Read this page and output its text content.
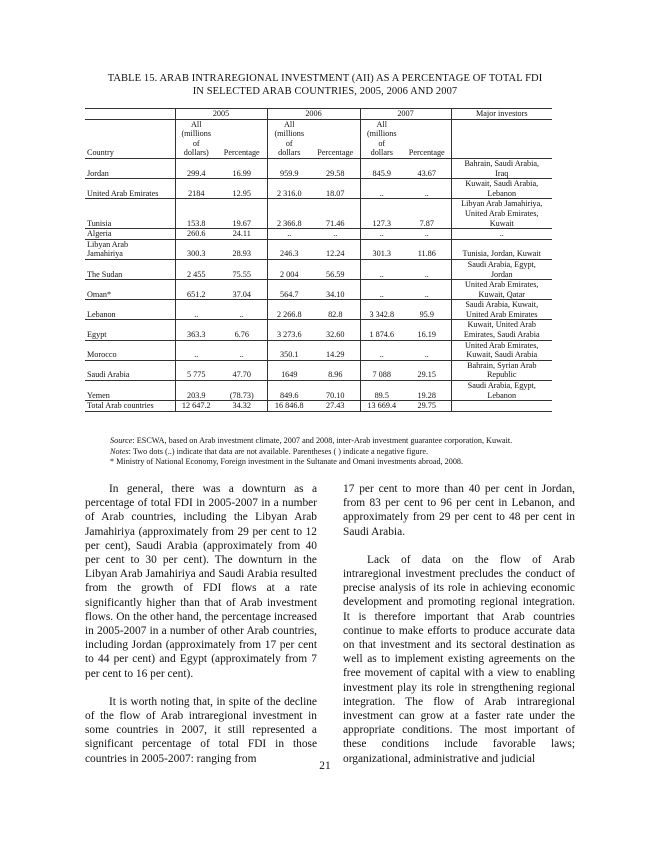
TABLE 15. ARAB INTRAREGIONAL INVESTMENT (AII) AS A PERCENTAGE OF TOTAL FDI
IN SELECTED ARAB COUNTRIES, 2005, 2006 AND 2007
	2005		2006		2007		Major investors
Country	All
(millions
of
dollars)	Percentage	All
(millions
of
dollars	Percentage	All
(millions
of
dollars	Percentage	
Jordan	299.4	16.99	959.9	29.58	845.9	43.67	Bahrain, Saudi Arabia,
Iraq
United Arab Emirates	2184	12.95	2 316.0	18.07	..	..	Kuwait, Saudi Arabia,
Lebanon
Tunisia	153.8	19.67	2 366.8	71.46	127.3	7.87	Libyan Arab Jamahiriya,
United Arab Emirates,
Kuwait
Algeria	260.6	24.11	..	..	..	..	..
Libyan Arab
Jamahiriya	300.3	28.93	246.3	12.24	301.3	11.86	Tunisia, Jordan, Kuwait
The Sudan	2 455	75.55	2 004	56.59	..	..	Saudi Arabia, Egypt,
Jordan
Oman*	651.2	37.04	564.7	34.10	..	..	United Arab Emirates,
Kuwait, Qatar
Lebanon	..	..	2 266.8	82.8	3 342.8	95.9	Saudi Arabia, Kuwait,
United Arab Emirates
Egypt	363.3	6.76	3 273.6	32.60	1 874.6	16.19	Kuwait, United Arab
Emirates, Saudi Arabia
Morocco	..	..	350.1	14.29	..	..	United Arab Emirates,
Kuwait, Saudi Arabia
Saudi Arabia	5 775	47.70	1649	8.96	7 088	29.15	Bahrain, Syrian Arab
Republic
Yemen	203.9	(78.73)	849.6	70.10	89.5	19.28	Saudi Arabia, Egypt,
Lebanon
Total Arab countries	12 647.2	34.32	16 846.8	27.43	13 669.4	29.75	
Source: ESCWA, based on Arab investment climate, 2007 and 2008, inter-Arab investment guarantee corporation, Kuwait.
Notes: Two dots (..) indicate that data are not available. Parentheses ( ) indicate a negative figure.
* Ministry of National Economy, Foreign investment in the Sultanate and Omani investments abroad, 2008.

In general, there was a downturn as a percentage of total FDI in 2005-2007 in a number of Arab countries, including the Libyan Arab Jamahiriya (approximately from 29 per cent to 12 per cent), Saudi Arabia (approximately from 40 per cent to 30 per cent). The downturn in the Libyan Arab Jamahiriya and Saudi Arabia resulted from the growth of FDI flows at a rate significantly higher than that of Arab investment flows. On the other hand, the percentage increased in 2005-2007 in a number of other Arab countries, including Jordan (approximately from 17 per cent to 44 per cent) and Egypt (approximately from 7 per cent to 16 per cent).

It is worth noting that, in spite of the decline of the flow of Arab intraregional investment in some countries in 2007, it still represented a significant percentage of total FDI in those countries in 2005-2007: ranging from

17 per cent to more than 40 per cent in Jordan, from 83 per cent to 96 per cent in Lebanon, and approximately from 29 per cent to 48 per cent in Saudi Arabia.

Lack of data on the flow of Arab intraregional investment precludes the conduct of precise analysis of its role in achieving economic development and promoting regional integration. It is therefore important that Arab countries continue to make efforts to produce accurate data on that investment and its sectoral destination as well as to implement existing agreements on the free movement of capital with a view to enabling investment play its role in strengthening regional integration. The flow of Arab intraregional investment can grow at a faster rate under the appropriate conditions. The most important of these conditions include favorable laws; organizational, administrative and judicial

21
